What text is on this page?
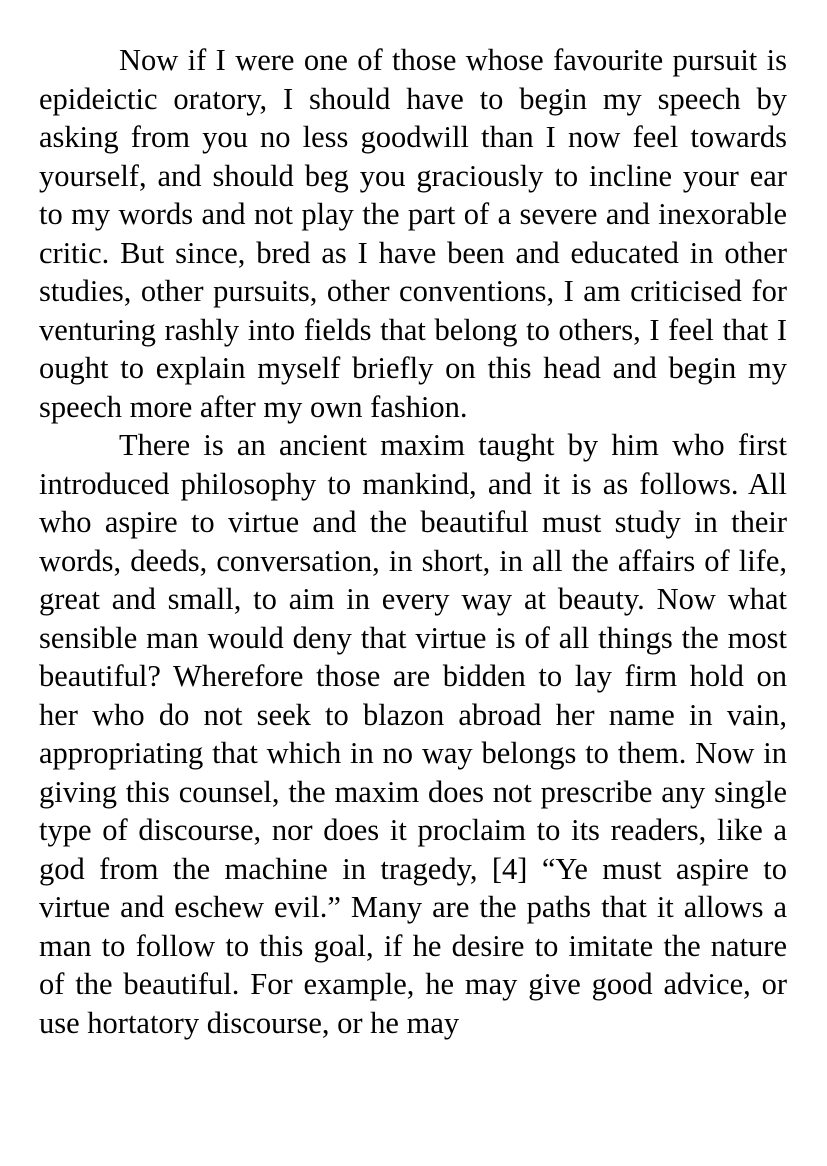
Now if I were one of those whose favourite pursuit is epideictic oratory, I should have to begin my speech by asking from you no less goodwill than I now feel towards yourself, and should beg you graciously to incline your ear to my words and not play the part of a severe and inexorable critic. But since, bred as I have been and educated in other studies, other pursuits, other conventions, I am criticised for venturing rashly into fields that belong to others, I feel that I ought to explain myself briefly on this head and begin my speech more after my own fashion.

There is an ancient maxim taught by him who first introduced philosophy to mankind, and it is as follows. All who aspire to virtue and the beautiful must study in their words, deeds, conversation, in short, in all the affairs of life, great and small, to aim in every way at beauty. Now what sensible man would deny that virtue is of all things the most beautiful? Wherefore those are bidden to lay firm hold on her who do not seek to blazon abroad her name in vain, appropriating that which in no way belongs to them. Now in giving this counsel, the maxim does not prescribe any single type of discourse, nor does it proclaim to its readers, like a god from the machine in tragedy, [4] “Ye must aspire to virtue and eschew evil.” Many are the paths that it allows a man to follow to this goal, if he desire to imitate the nature of the beautiful. For example, he may give good advice, or use hortatory discourse, or he may
